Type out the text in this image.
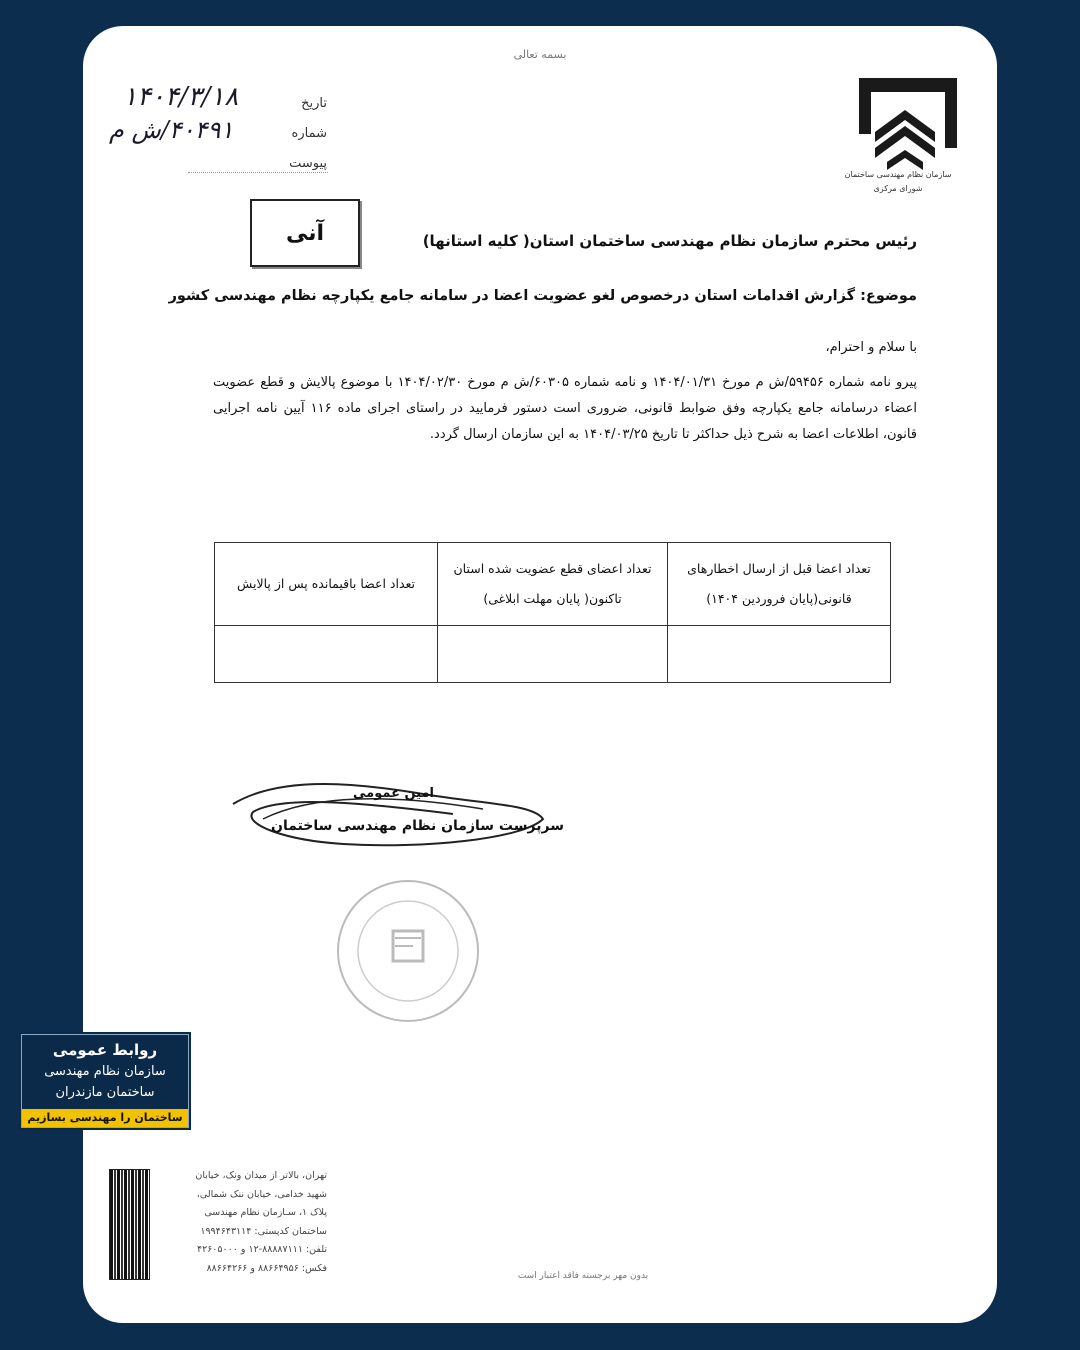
بسمه تعالی
سازمان نظام مهندسی ساختمان
شورای مرکزی
تاریخ
۱۴۰۴/۳/۱۸
شماره
۴۰۴۹۱/ش م
پیوست
آنی	رئیس محترم سازمان نظام مهندسی ساختمان استان( کلیه استانها)
موضوع: گزارش اقدامات استان درخصوص لغو عضویت اعضا در سامانه جامع یکپارچه نظام مهندسی کشور
با سلام و احترام،
پیرو نامه شماره ۵۹۴۵۶/ش م مورخ ۱۴۰۴/۰۱/۳۱ و نامه شماره ۶۰۳۰۵/ش م مورخ ۱۴۰۴/۰۲/۳۰ با موضوع پالایش و قطع عضویت اعضاء درسامانه جامع یکپارچه وفق ضوابط قانونی، ضروری است دستور فرمایید در راستای اجرای ماده ۱۱۶ آیین نامه اجرایی قانون، اطلاعات اعضا به شرح ذیل حداکثر تا تاریخ ۱۴۰۴/۰۳/۲۵ به این سازمان ارسال گردد.
تعداد اعضا قبل از ارسال اخطارهای قانونی(پایان فروردین ۱۴۰۴)	تعداد اعضای قطع عضویت شده استان تاکنون( پایان مهلت ابلاغی)	تعداد اعضا باقیمانده پس از پالایش

امین عمومی
سرپرست سازمان نظام مهندسی ساختمان
تهران، بالاتر از میدان ونک، خیابان
شهید خدامی، خیابان ننک شمالی،
پلاک ۱، سـازمان نظام مهندسی
ساختمان کدپستی: ۱۹۹۴۶۴۳۱۱۴
تلفن: ۸۸۸۸۷۱۱۱-۱۲ و ۴۲۶۰۵۰۰۰
فکس: ۸۸۶۶۴۹۵۶ و ۸۸۶۶۴۲۶۶
بدون مهر برجسته فاقد اعتبار است
روابط عمومی
سازمان نظام مهندسی
ساختمان مازندران
ساختمان را مهندسی بسازیم
